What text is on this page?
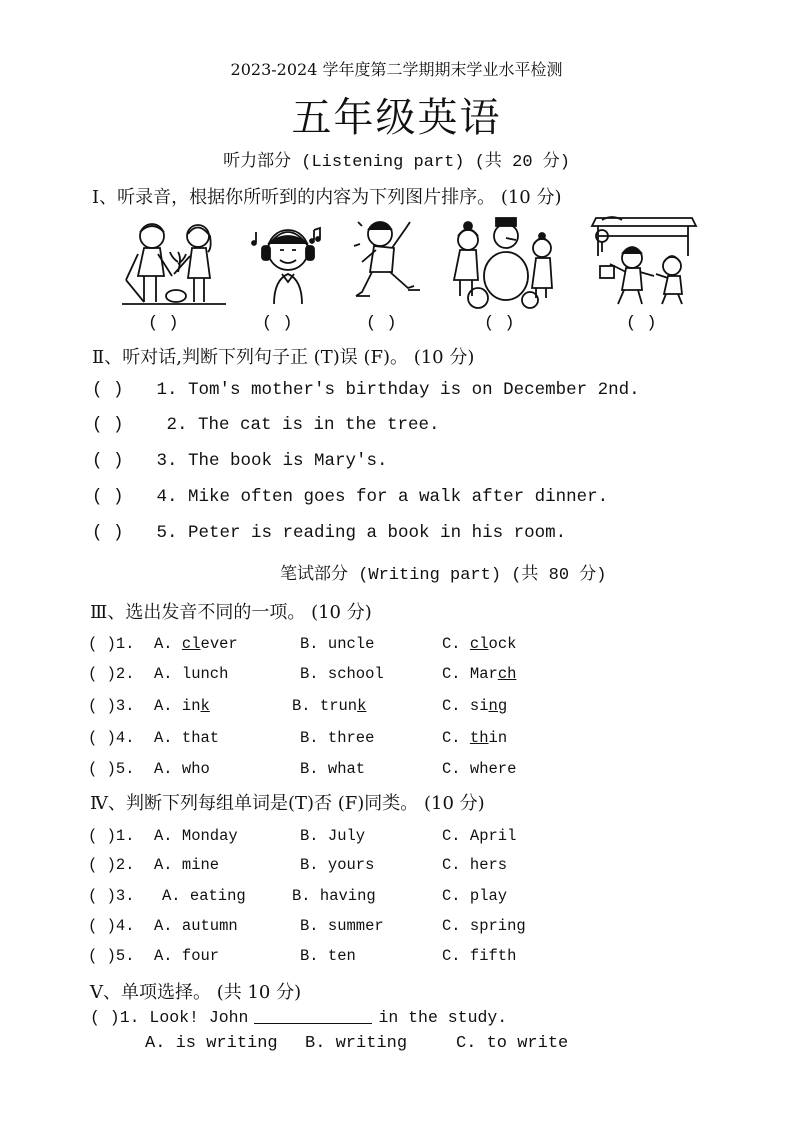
2023-2024 学年度第二学期期末学业水平检测
五年级英语
听力部分 (Listening part) (共 20 分)
Ⅰ、听录音，根据你所听到的内容为下列图片排序。 (10 分)
( )	( )	( )	( )	( )
Ⅱ、听对话,判断下列句子正 (T)误 (F)。 (10 分)
( ) 1. Tom's mother's birthday is on December 2nd.
( ) 2. The cat is in the tree.
( ) 3. The book is Mary's.
( ) 4. Mike often goes for a walk after dinner.
( ) 5. Peter is reading a book in his room.
笔试部分 (Writing part) (共 80 分)
Ⅲ、选出发音不同的一项。 (10 分)
( )1. A. clever	B. uncle	C. clock
( )2. A. lunch	B. school	C. March
( )3. A. ink	B. trunk	C. sing
( )4. A. that	B. three	C. thin
( )5. A. who	B. what	C. where
Ⅳ、判断下列每组单词是(T)否 (F)同类。 (10 分)
( )1. A. Monday	B. July	C. April
( )2. A. mine	B. yours	C. hers
( )3. A. eating	B. having	C. play
( )4. A. autumn	B. summer	C. spring
( )5. A. four	B. ten	C. fifth
V、单项选择。 (共 10 分)
( )1. Look! John	in the study.
A. is writing B. writing	C. to write
